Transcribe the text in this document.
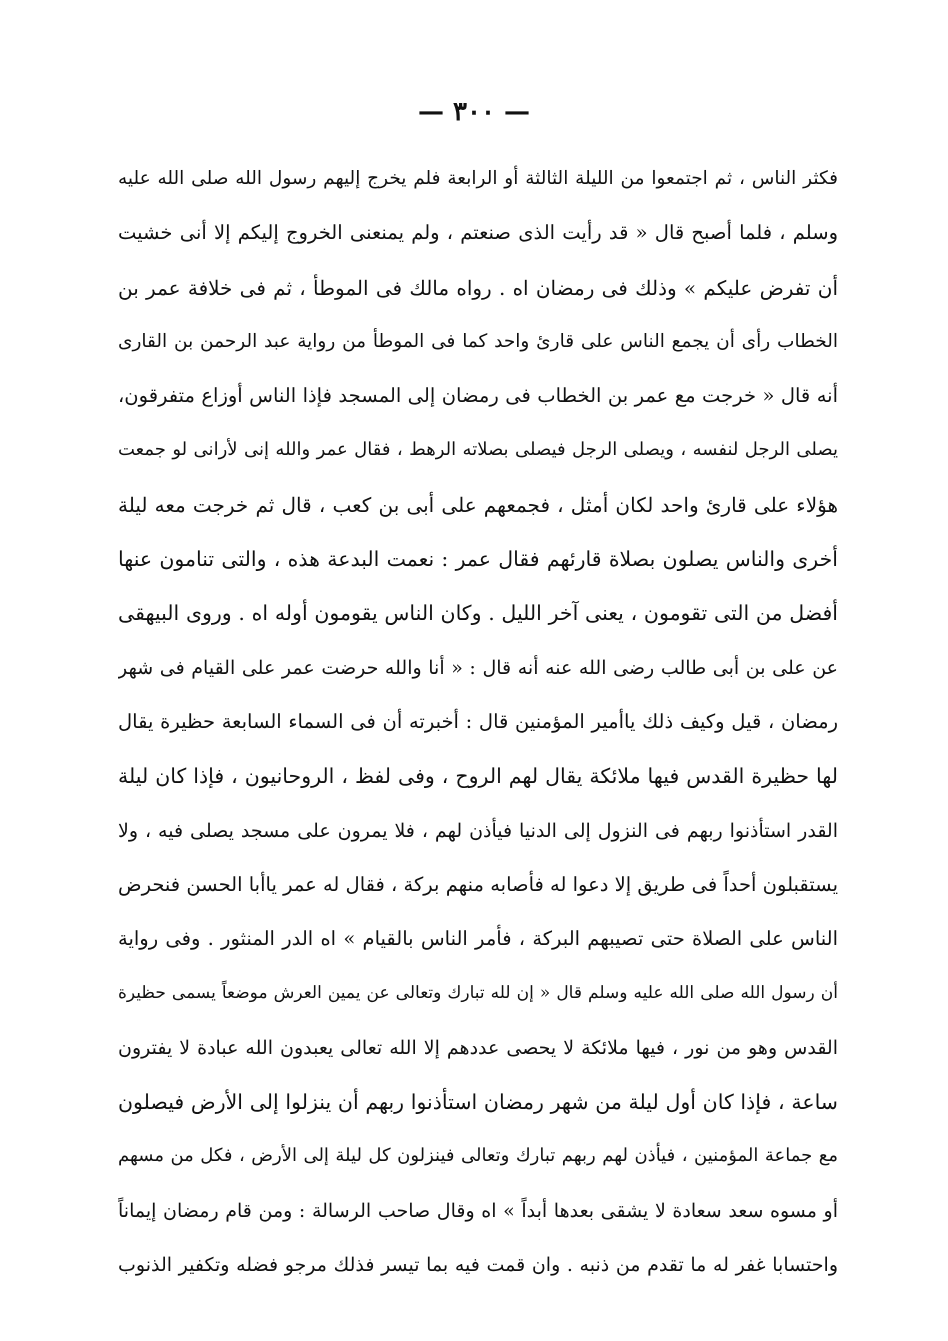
— ٣٠٠ —
فكثر الناس ، ثم اجتمعوا من الليلة الثالثة أو الرابعة فلم يخرج إليهم رسول الله صلى الله عليه
وسلم ، فلما أصبح قال « قد رأيت الذى صنعتم ، ولم يمنعنى الخروج إليكم إلا أنى خشيت
أن تفرض عليكم » وذلك فى رمضان اه . رواه مالك فى الموطأ ، ثم فى خلافة عمر بن
الخطاب رأى أن يجمع الناس على قارئ واحد كما فى الموطأ من رواية عبد الرحمن بن القارى
أنه قال « خرجت مع عمر بن الخطاب فى رمضان إلى المسجد فإذا الناس أوزاع متفرقون،
يصلى الرجل لنفسه ، ويصلى الرجل فيصلى بصلاته الرهط ، فقال عمر والله إنى لأرانى لو جمعت
هؤلاء على قارئ واحد لكان أمثل ، فجمعهم على أبى بن كعب ، قال ثم خرجت معه ليلة
أخرى والناس يصلون بصلاة قارئهم فقال عمر : نعمت البدعة هذه ، والتى تنامون عنها
أفضل من التى تقومون ، يعنى آخر الليل . وكان الناس يقومون أوله اه . وروى البيهقى
عن على بن أبى طالب رضى الله عنه أنه قال : « أنا والله حرضت عمر على القيام فى شهر
رمضان ، قيل وكيف ذلك ياأمير المؤمنين قال : أخبرته أن فى السماء السابعة حظيرة يقال
لها حظيرة القدس فيها ملائكة يقال لهم الروح ، وفى لفظ ، الروحانيون ، فإذا كان ليلة
القدر استأذنوا ربهم فى النزول إلى الدنيا فيأذن لهم ، فلا يمرون على مسجد يصلى فيه ، ولا
يستقبلون أحداً فى طريق إلا دعوا له فأصابه منهم بركة ، فقال له عمر ياأبا الحسن فنحرض
الناس على الصلاة حتى تصيبهم البركة ، فأمر الناس بالقيام » اه الدر المنثور . وفى رواية
أن رسول الله صلى الله عليه وسلم قال « إن لله تبارك وتعالى عن يمين العرش موضعاً يسمى حظيرة
القدس وهو من نور ، فيها ملائكة لا يحصى عددهم إلا الله تعالى يعبدون الله عبادة لا يفترون
ساعة ، فإذا كان أول ليلة من شهر رمضان استأذنوا ربهم أن ينزلوا إلى الأرض فيصلون
مع جماعة المؤمنين ، فيأذن لهم ربهم تبارك وتعالى فينزلون كل ليلة إلى الأرض ، فكل من مسهم
أو مسوه سعد سعادة لا يشقى بعدها أبداً » اه وقال صاحب الرسالة : ومن قام رمضان إيماناً
واحتسابا غفر له ما تقدم من ذنبه . وان قمت فيه بما تيسر فذلك مرجو فضله وتكفير الذنوب
